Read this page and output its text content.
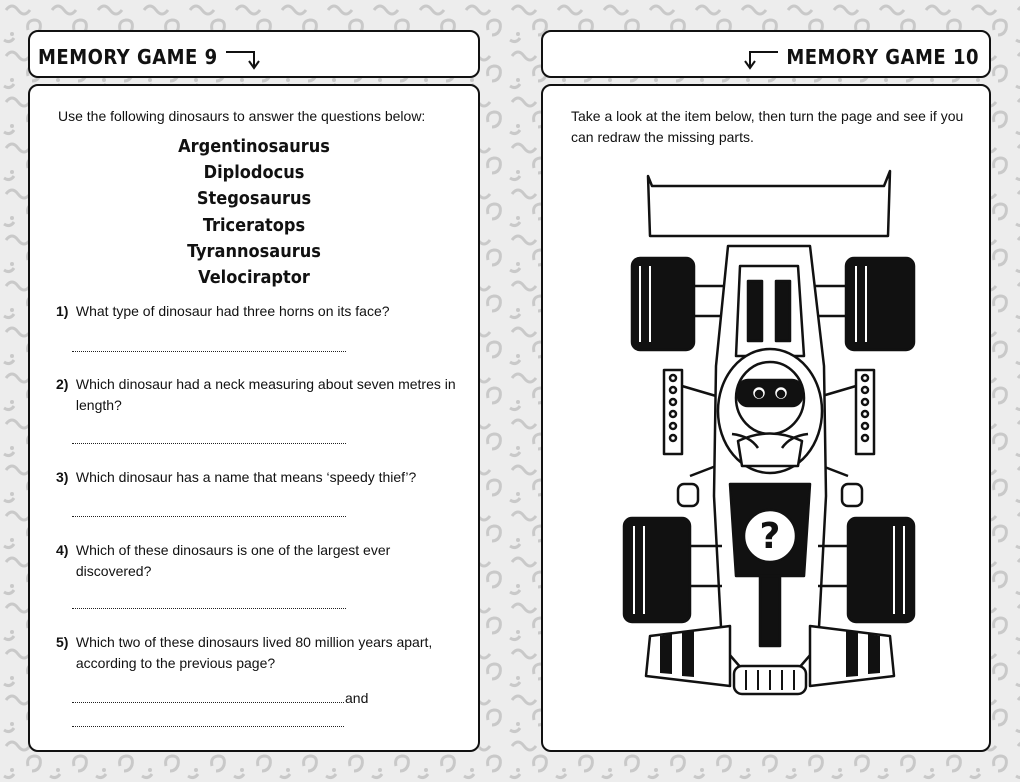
MEMORY GAME 9
Use the following dinosaurs to answer the questions below:
Argentinosaurus
Diplodocus
Stegosaurus
Triceratops
Tyrannosaurus
Velociraptor
1) What type of dinosaur had three horns on its face?
2) Which dinosaur had a neck measuring about seven metres in length?
3) Which dinosaur has a name that means ‘speedy thief’?
4) Which of these dinosaurs is one of the largest ever discovered?
5) Which two of these dinosaurs lived 80 million years apart, according to the previous page?
and
MEMORY GAME 10
Take a look at the item below, then turn the page and see if you can redraw the missing parts.
?
